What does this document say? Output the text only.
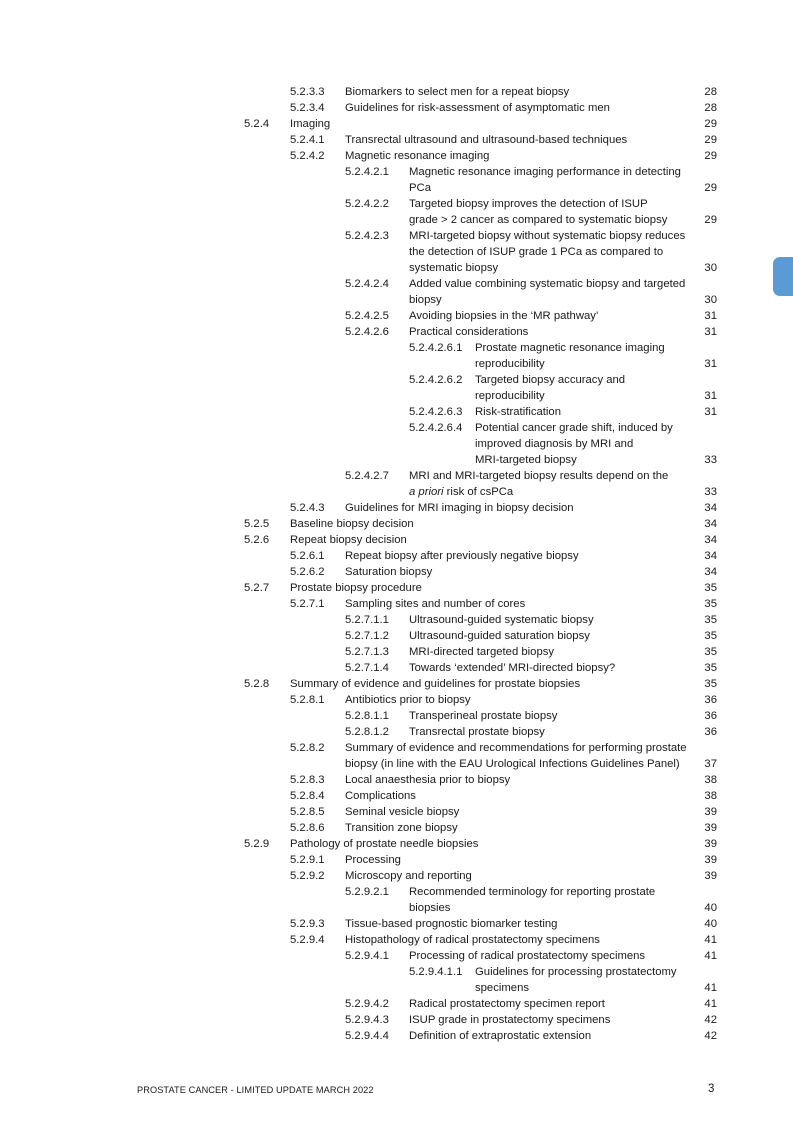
5.2.3.3 Biomarkers to select men for a repeat biopsy	28
5.2.3.4 Guidelines for risk-assessment of asymptomatic men	28
5.2.4 Imaging	29
5.2.4.1 Transrectal ultrasound and ultrasound-based techniques	29
5.2.4.2 Magnetic resonance imaging	29
5.2.4.2.1 Magnetic resonance imaging performance in detecting
PCa	29
5.2.4.2.2 Targeted biopsy improves the detection of ISUP
grade > 2 cancer as compared to systematic biopsy	29
5.2.4.2.3 MRI-targeted biopsy without systematic biopsy reduces
the detection of ISUP grade 1 PCa as compared to
systematic biopsy	30
5.2.4.2.4 Added value combining systematic biopsy and targeted
biopsy	30
5.2.4.2.5 Avoiding biopsies in the ‘MR pathway’	31
5.2.4.2.6 Practical considerations	31
5.2.4.2.6.1 Prostate magnetic resonance imaging
reproducibility	31
5.2.4.2.6.2 Targeted biopsy accuracy and
reproducibility	31
5.2.4.2.6.3 Risk-stratification	31
5.2.4.2.6.4 Potential cancer grade shift, induced by
improved diagnosis by MRI and
MRI-targeted biopsy	33
5.2.4.2.7 MRI and MRI-targeted biopsy results depend on the
a priori risk of csPCa	33
5.2.4.3 Guidelines for MRI imaging in biopsy decision	34
5.2.5 Baseline biopsy decision	34
5.2.6 Repeat biopsy decision	34
5.2.6.1 Repeat biopsy after previously negative biopsy	34
5.2.6.2 Saturation biopsy	34
5.2.7 Prostate biopsy procedure	35
5.2.7.1 Sampling sites and number of cores	35
5.2.7.1.1 Ultrasound-guided systematic biopsy	35
5.2.7.1.2 Ultrasound-guided saturation biopsy	35
5.2.7.1.3 MRI-directed targeted biopsy	35
5.2.7.1.4 Towards ‘extended’ MRI-directed biopsy?	35
5.2.8 Summary of evidence and guidelines for prostate biopsies	35
5.2.8.1 Antibiotics prior to biopsy	36
5.2.8.1.1 Transperineal prostate biopsy	36
5.2.8.1.2 Transrectal prostate biopsy	36
5.2.8.2 Summary of evidence and recommendations for performing prostate
biopsy (in line with the EAU Urological Infections Guidelines Panel) 37
5.2.8.3 Local anaesthesia prior to biopsy	38
5.2.8.4 Complications	38
5.2.8.5 Seminal vesicle biopsy	39
5.2.8.6 Transition zone biopsy	39
5.2.9 Pathology of prostate needle biopsies	39
5.2.9.1 Processing	39
5.2.9.2 Microscopy and reporting	39
5.2.9.2.1 Recommended terminology for reporting prostate
biopsies	40
5.2.9.3 Tissue-based prognostic biomarker testing	40
5.2.9.4 Histopathology of radical prostatectomy specimens	41
5.2.9.4.1 Processing of radical prostatectomy specimens	41
5.2.9.4.1.1 Guidelines for processing prostatectomy
specimens	41
5.2.9.4.2 Radical prostatectomy specimen report	41
5.2.9.4.3 ISUP grade in prostatectomy specimens	42
5.2.9.4.4 Definition of extraprostatic extension	42
PROSTATE CANCER - LIMITED UPDATE MARCH 2022	3
